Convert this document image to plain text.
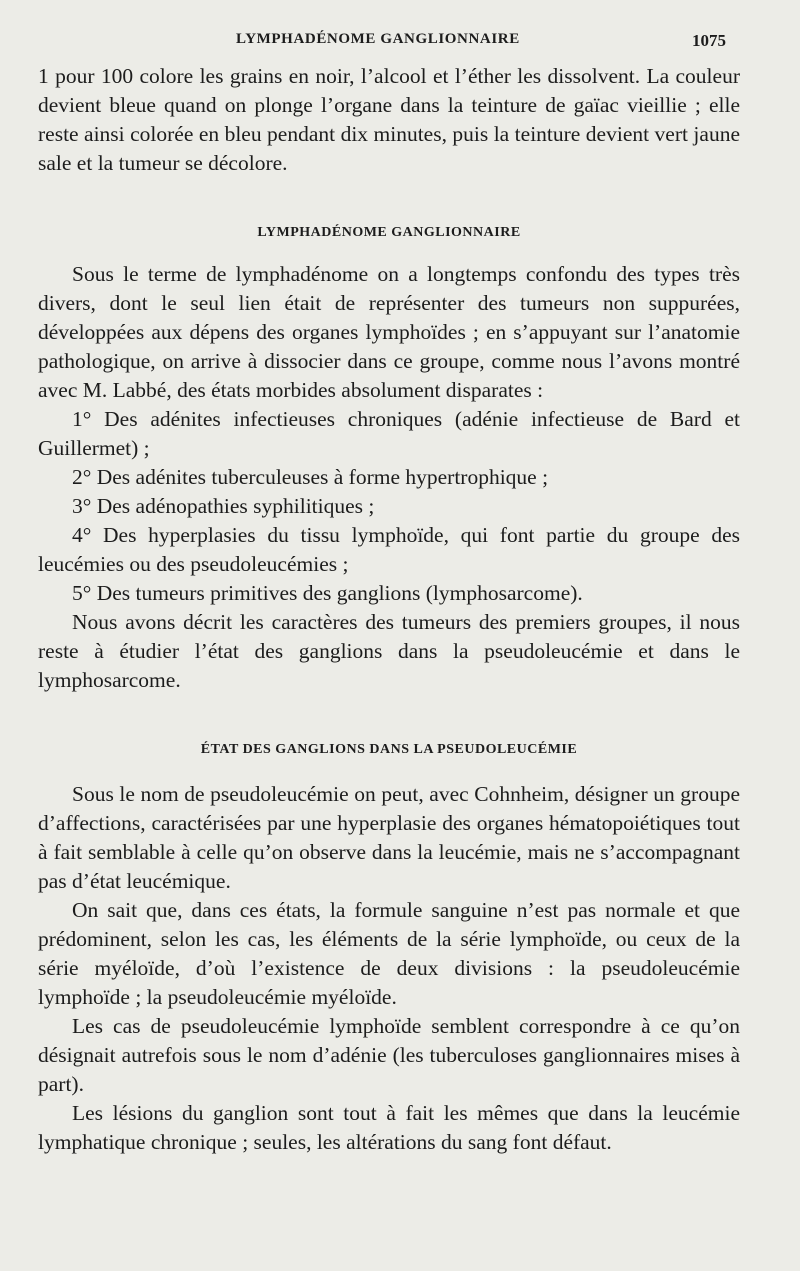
LYMPHADÉNOME GANGLIONNAIRE	1075

1 pour 100 colore les grains en noir, l’alcool et l’éther les dissolvent. La couleur devient bleue quand on plonge l’organe dans la teinture de gaïac vieillie ; elle reste ainsi colorée en bleu pendant dix minutes, puis la teinture devient vert jaune sale et la tumeur se décolore.

LYMPHADÉNOME GANGLIONNAIRE

Sous le terme de lymphadénome on a longtemps confondu des types très divers, dont le seul lien était de représenter des tumeurs non suppurées, développées aux dépens des organes lymphoïdes ; en s’appuyant sur l’anatomie pathologique, on arrive à dissocier dans ce groupe, comme nous l’avons montré avec M. Labbé, des états morbides absolument disparates :

1° Des adénites infectieuses chroniques (adénie infectieuse de Bard et Guillermet) ;

2° Des adénites tuberculeuses à forme hypertrophique ;

3° Des adénopathies syphilitiques ;

4° Des hyperplasies du tissu lymphoïde, qui font partie du groupe des leucémies ou des pseudoleucémies ;

5° Des tumeurs primitives des ganglions (lymphosarcome).

Nous avons décrit les caractères des tumeurs des premiers groupes, il nous reste à étudier l’état des ganglions dans la pseudoleucémie et dans le lymphosarcome.

ÉTAT DES GANGLIONS DANS LA PSEUDOLEUCÉMIE

Sous le nom de pseudoleucémie on peut, avec Cohnheim, désigner un groupe d’affections, caractérisées par une hyperplasie des organes hématopoiétiques tout à fait semblable à celle qu’on observe dans la leucémie, mais ne s’accompagnant pas d’état leucémique.

On sait que, dans ces états, la formule sanguine n’est pas normale et que prédominent, selon les cas, les éléments de la série lymphoïde, ou ceux de la série myéloïde, d’où l’existence de deux divisions : la pseudoleucémie lymphoïde ; la pseudoleucémie myéloïde.

Les cas de pseudoleucémie lymphoïde semblent correspondre à ce qu’on désignait autrefois sous le nom d’adénie (les tuberculoses ganglionnaires mises à part).

Les lésions du ganglion sont tout à fait les mêmes que dans la leucémie lymphatique chronique ; seules, les altérations du sang font défaut.
